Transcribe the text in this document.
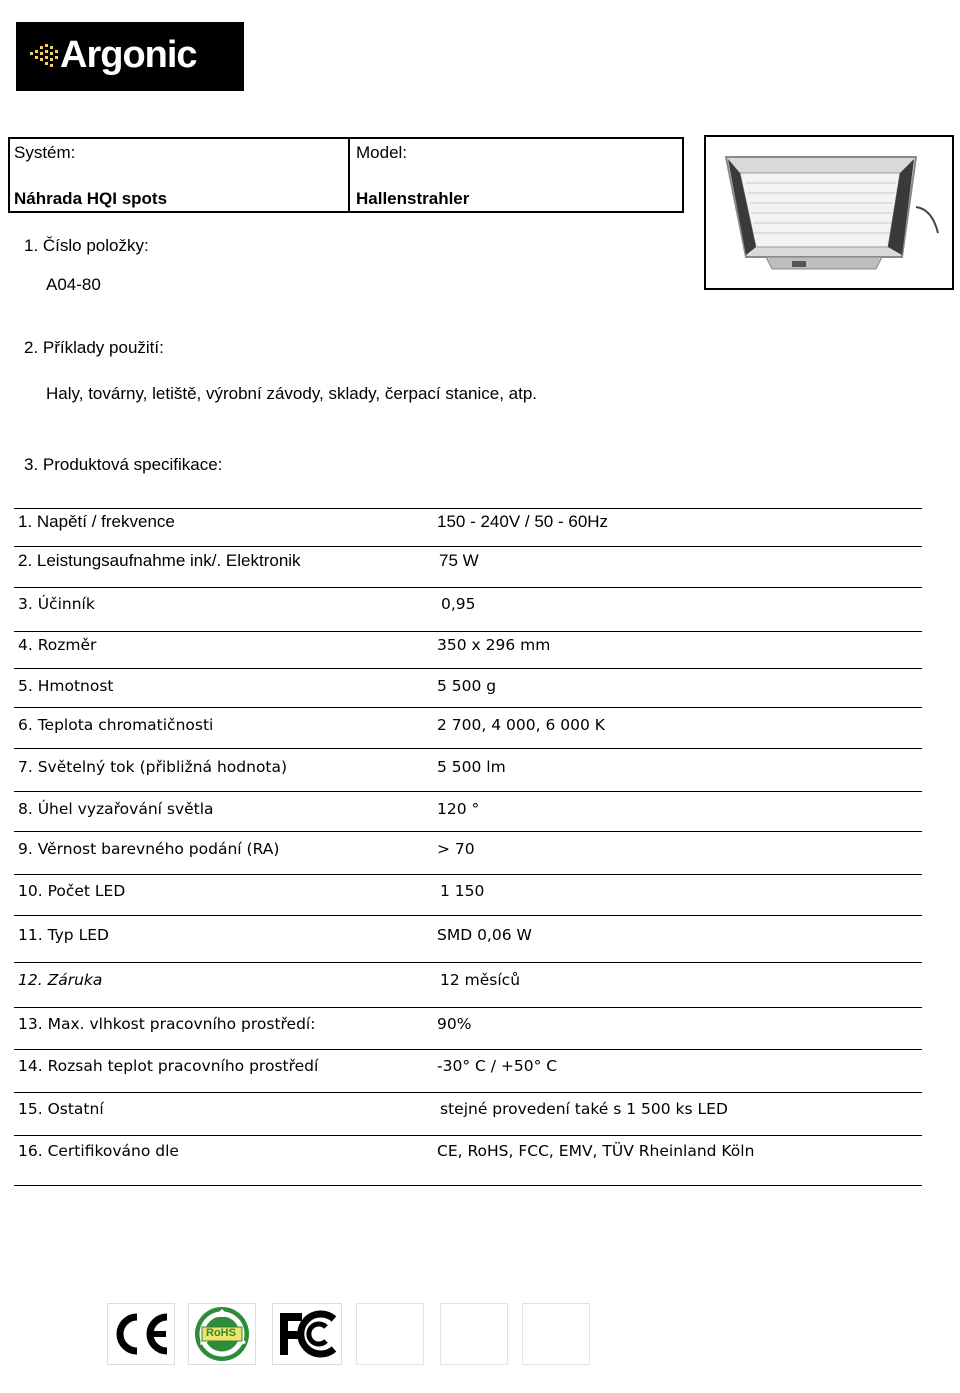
Argonic
Systém:
Náhrada HQI spots
Model:
Hallenstrahler
1. Číslo položky:
A04-80
2. Příklady použití:
Haly, továrny, letiště, výrobní závody, sklady, čerpací stanice, atp.
3. Produktová specifikace:
1. Napětí / frekvence	150 - 240V / 50 - 60Hz
2. Leistungsaufnahme ink/. Elektronik	75 W
3. Účinník	0,95
4. Rozměr	350 x 296 mm
5. Hmotnost	5 500 g
6. Teplota chromatičnosti	2 700, 4 000, 6 000 K
7. Světelný tok (přibližná hodnota)	5 500 lm
8. Úhel vyzařování světla	120 °
9. Věrnost barevného podání (RA)	> 70
10. Počet LED	1 150
11. Typ LED	SMD 0,06 W
12. Záruka	12 měsíců
13. Max. vlhkost pracovního prostředí:	90%
14. Rozsah teplot pracovního prostředí	-30° C / +50° C
15. Ostatní	stejné provedení také s 1 500 ks LED
16. Certifikováno dle	CE, RoHS, FCC, EMV, TÜV Rheinland Köln
RoHS
